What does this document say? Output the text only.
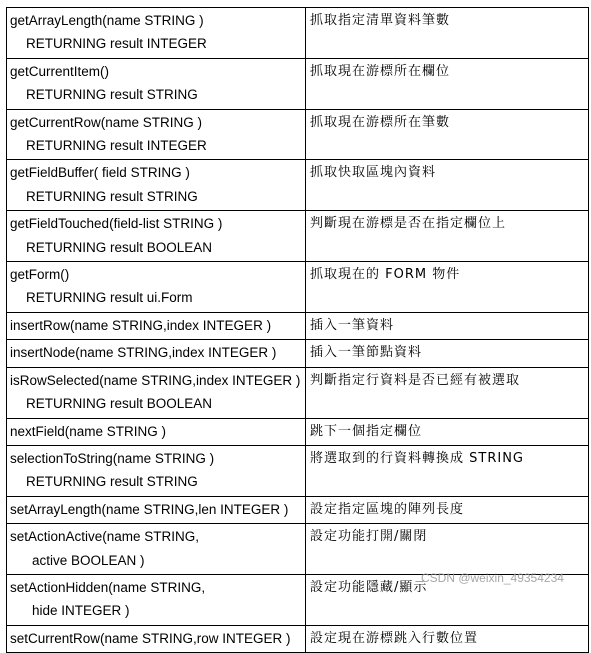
getArrayLength(name STRING )
RETURNING result INTEGER	抓取指定清單資料筆數

getCurrentItem()
RETURNING result STRING	抓取現在游標所在欄位

getCurrentRow(name STRING )
RETURNING result INTEGER	抓取現在游標所在筆數

getFieldBuffer( field STRING )
RETURNING result STRING	抓取快取區塊內資料

getFieldTouched(field-list STRING )
RETURNING result BOOLEAN	判斷現在游標是否在指定欄位上

getForm()
RETURNING result ui.Form	抓取現在的 FORM 物件

insertRow(name STRING,index INTEGER )	插入一筆資料

insertNode(name STRING,index INTEGER )	插入一筆節點資料

isRowSelected(name STRING,index INTEGER )
RETURNING result BOOLEAN	判斷指定行資料是否已經有被選取

nextField(name STRING )	跳下一個指定欄位

selectionToString(name STRING )
RETURNING result STRING	將選取到的行資料轉換成 STRING

setArrayLength(name STRING,len INTEGER )	設定指定區塊的陣列長度

setActionActive(name STRING,
active BOOLEAN )	設定功能打開/關閉

setActionHidden(name STRING,
hide INTEGER )	設定功能隱藏/顯示

setCurrentRow(name STRING,row INTEGER )	設定現在游標跳入行數位置
CSDN @weixin_49354234
